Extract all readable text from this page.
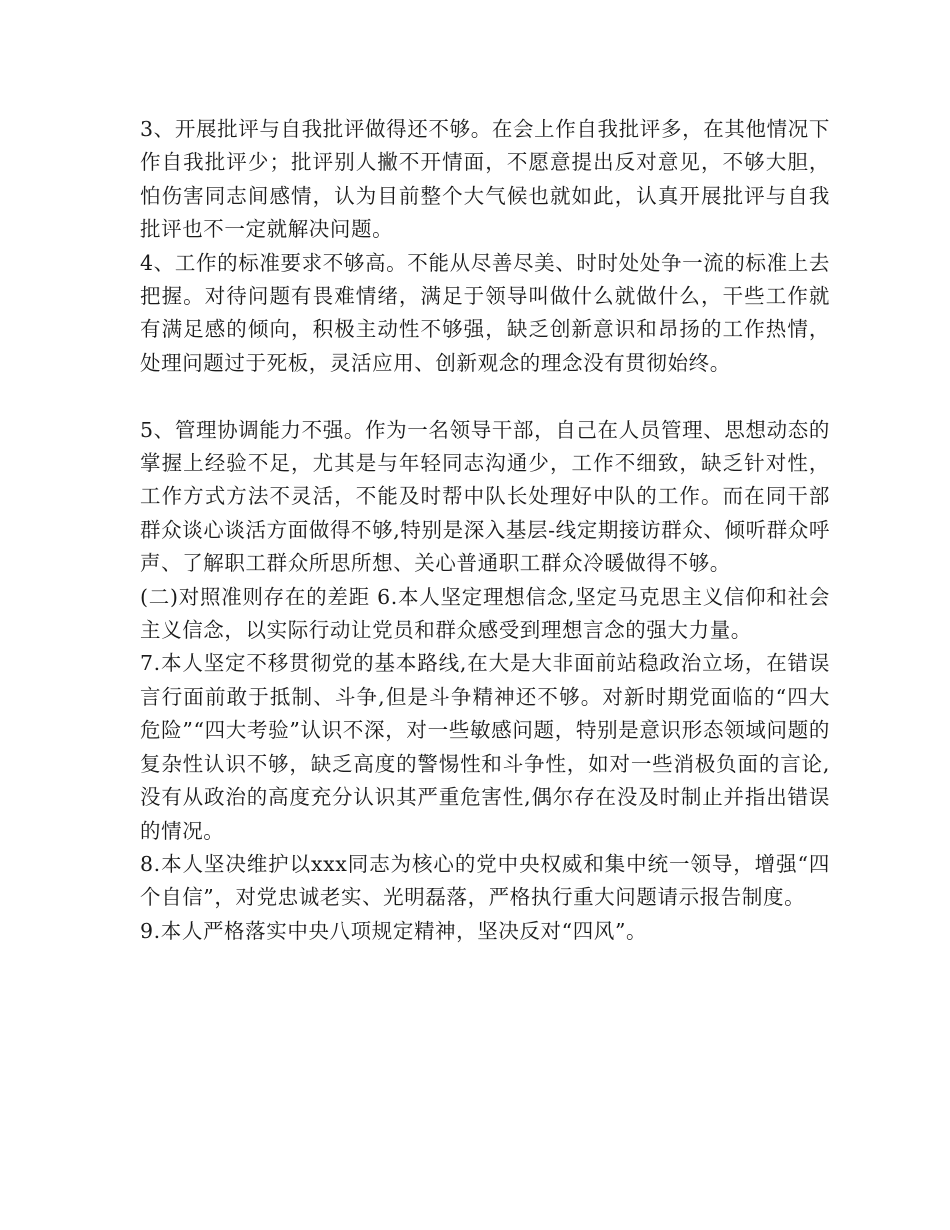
3、开展批评与自我批评做得还不够。在会上作自我批评多，在其他情况下作自我批评少；批评别人撇不开情面，不愿意提出反对意见，不够大胆，怕伤害同志间感情，认为目前整个大气候也就如此，认真开展批评与自我批评也不一定就解决问题。

4、工作的标准要求不够高。不能从尽善尽美、时时处处争一流的标准上去把握。对待问题有畏难情绪，满足于领导叫做什么就做什么，干些工作就有满足感的倾向，积极主动性不够强，缺乏创新意识和昂扬的工作热情，处理问题过于死板，灵活应用、创新观念的理念没有贯彻始终。

5、管理协调能力不强。作为一名领导干部，自己在人员管理、思想动态的掌握上经验不足，尤其是与年轻同志沟通少，工作不细致，缺乏针对性，工作方式方法不灵活，不能及时帮中队长处理好中队的工作。而在同干部群众谈心谈活方面做得不够,特别是深入基层-线定期接访群众、倾听群众呼声、了解职工群众所思所想、关心普通职工群众冷暖做得不够。

(二)对照准则存在的差距 6.本人坚定理想信念,坚定马克思主义信仰和社会主义信念，以实际行动让党员和群众感受到理想言念的强大力量。

7.本人坚定不移贯彻党的基本路线,在大是大非面前站稳政治立场，在错误言行面前敢于抵制、斗争,但是斗争精神还不够。对新时期党面临的“四大危险”“四大考验”认识不深，对一些敏感问题，特别是意识形态领域问题的复杂性认识不够，缺乏高度的警惕性和斗争性，如对一些消极负面的言论,没有从政治的高度充分认识其严重危害性,偶尔存在没及时制止并指出错误的情况。

8.本人坚决维护以xxx同志为核心的党中央权威和集中统一领导，增强“四个自信”，对党忠诚老实、光明磊落，严格执行重大问题请示报告制度。

9.本人严格落实中央八项规定精神，坚决反对“四风”。
